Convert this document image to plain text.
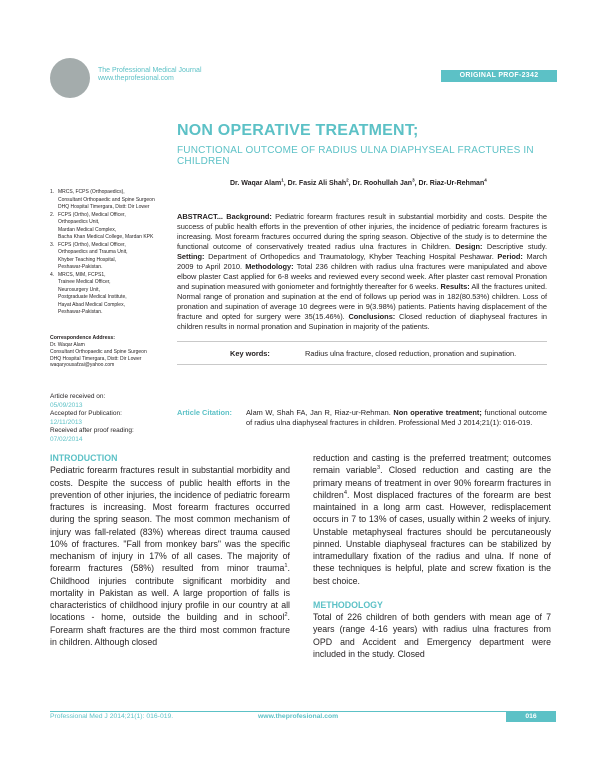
The Professional Medical Journal
www.theprofesional.com	ORIGINAL PROF-2342
NON OPERATIVE TREATMENT;
FUNCTIONAL OUTCOME OF RADIUS ULNA DIAPHYSEAL FRACTURES IN CHILDREN
Dr. Waqar Alam$^1$, Dr. Fasiz Ali Shah$^2$, Dr. Roohullah Jan$^3$, Dr. Riaz-Ur-Rehman$^4$
1. MRCS, FCPS (Orthopaedics),
Consultant Orthopaedic and Spine Surgeon
DHQ Hospital Timergara, Distt: Dir Lower
2. FCPS (Ortho), Medical Officer,
Orthopaedics Unit,
Mardan Medical Complex,
Bacha Khan Medical College, Mardan KPK
3. FCPS (Ortho), Medical Officer,
Orthopaedics and Trauma Unit,
Khyber Teaching Hospital,
Peshawar-Pakistan.
4. MRCS, MIM, FCPS1,
Trainee Medical Officer,
Neurosurgery Unit,
Postgraduate Medical Institute,
Hayat Abad Medical Complex,
Peshawar-Pakistan.
Correspondence Address:
Dr. Waqar Alam
Consultant Orthopaedic and Spine Surgeon
DHQ Hospital Timergara, Distt: Dir Lower
waqaryousafzai@yahoo.com
Article received on:
05/09/2013
Accepted for Publication:
12/11/2013
Received after proof reading:
07/02/2014
ABSTRACT... Background: Pediatric forearm fractures result in substantial morbidity and costs. Despite the success of public health efforts in the prevention of other injuries, the incidence of pediatric forearm fractures is increasing. Most forearm fractures occurred during the spring season. Objective of the study is to determine the functional outcome of conservatively treated radius ulna fractures in Children. Design: Descriptive study. Setting: Department of Orthopedics and Traumatology, Khyber Teaching Hospital Peshawar. Period: March 2009 to April 2010. Methodology: Total 236 children with radius ulna fractures were manipulated and above elbow plaster Cast applied for 6-8 weeks and reviewed every second week. After plaster cast removal Pronation and supination measured with goniometer and fortnightly thereafter for 6 weeks. Results: All the fractures united. Normal range of pronation and supination at the end of follows up period was in 182(80.53%) children. Loss of pronation and supination of average 10 degrees were in 9(3.98%) patients. Patients having displacement of the fracture and opted for surgery were 35(15.46%). Conclusions: Closed reduction of diaphyseal fractures in children results in normal pronation and Supination in majority of the patients.
Key words:	Radius ulna fracture, closed reduction, pronation and supination.
Article Citation: Alam W, Shah FA, Jan R, Riaz-ur-Rehman. Non operative treatment; functional outcome of radius ulna diaphyseal fractures in children. Professional Med J 2014;21(1): 016-019.
INTRODUCTION

Pediatric forearm fractures result in substantial morbidity and costs. Despite the success of public health efforts in the prevention of other injuries, the incidence of pediatric forearm fractures is increasing. Most forearm fractures occurred during the spring season. The most common mechanism of injury was fall-related (83%) whereas direct trauma caused 10% of fractures. "Fall from monkey bars" was the specific mechanism of injury in 17% of all cases. The majority of forearm fractures (58%) resulted from minor trauma$^1$. Childhood injuries contribute significant morbidity and mortality in Pakistan as well. A large proportion of falls is characteristics of childhood injury profile in our country at all locations - home, outside the building and in school$^2$. Forearm shaft fractures are the third most common fracture in children. Although closed

reduction and casting is the preferred treatment; outcomes remain variable$^3$. Closed reduction and casting are the primary means of treatment in over 90% forearm fractures in children$^4$. Most displaced fractures of the forearm are best maintained in a long arm cast. However, redisplacement occurs in 7 to 13% of cases, usually within 2 weeks of injury. Unstable metaphyseal fractures should be percutaneously pinned. Unstable diaphyseal fractures can be stabilized by intramedullary fixation of the radius and ulna. If none of these techniques is helpful, plate and screw fixation is the best choice.

METHODOLOGY

Total of 226 children of both genders with mean age of 7 years (range 4-16 years) with radius ulna fractures from OPD and Accident and Emergency department were included in the study. Closed

Professional Med J 2014;21(1): 016-019.	www.theprofesional.com	016
